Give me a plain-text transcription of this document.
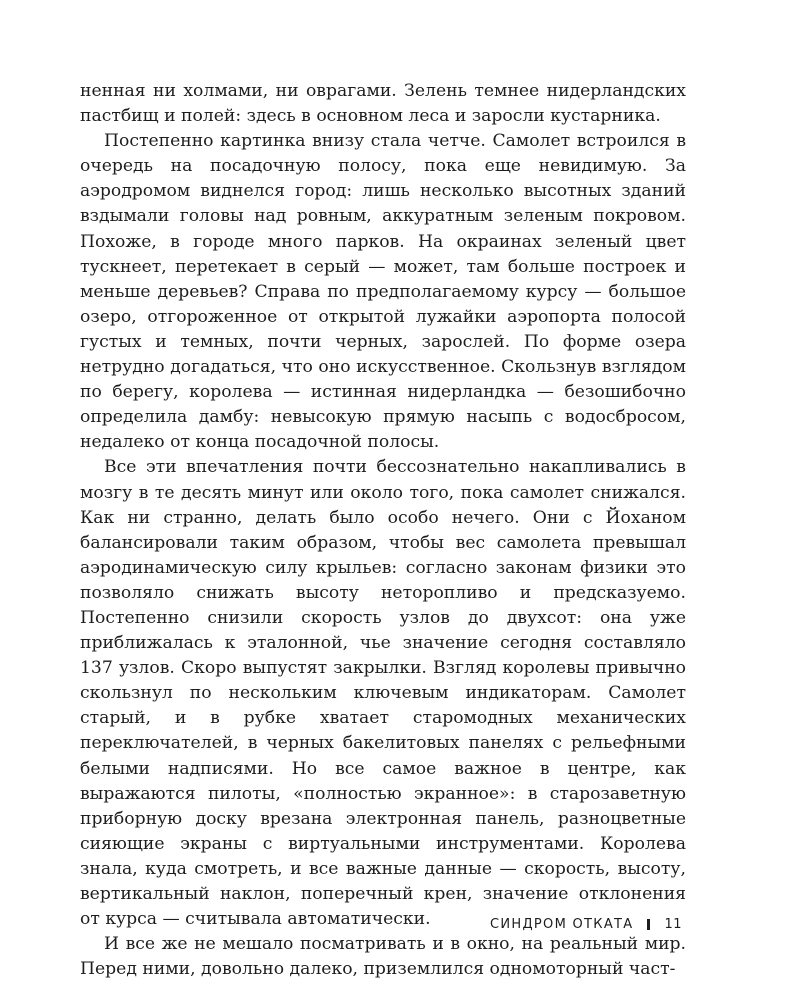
ненная ни холмами, ни оврагами. Зелень темнее нидерландских пастбищ и полей: здесь в основном леса и заросли кустарника.

Постепенно картинка внизу стала четче. Самолет встроился в очередь на посадочную полосу, пока еще невидимую. За аэродромом виднелся город: лишь несколько высотных зданий вздымали головы над ровным, аккуратным зеленым покровом. Похоже, в городе много парков. На окраинах зеленый цвет тускнеет, перетекает в серый — может, там больше построек и меньше деревьев? Справа по предполагаемому курсу — большое озеро, отгороженное от открытой лужайки аэропорта полосой густых и темных, почти черных, зарослей. По форме озера нетрудно догадаться, что оно искусственное. Скользнув взглядом по берегу, королева — истинная нидерландка — безошибочно определила дамбу: невысокую прямую насыпь с водосбросом, недалеко от конца посадочной полосы.

Все эти впечатления почти бессознательно накапливались в мозгу в те десять минут или около того, пока самолет снижался. Как ни странно, делать было особо нечего. Они с Йоханом балансировали таким образом, чтобы вес самолета превышал аэродинамическую силу крыльев: согласно законам физики это позволяло снижать высоту неторопливо и предсказуемо. Постепенно снизили скорость узлов до двухсот: она уже приближалась к эталонной, чье значение сегодня составляло 137 узлов. Скоро выпустят закрылки. Взгляд королевы привычно скользнул по нескольким ключевым индикаторам. Самолет старый, и в рубке хватает старомодных механических переключателей, в черных бакелитовых панелях с рельефными белыми надписями. Но все самое важное в центре, как выражаются пилоты, «полностью экранное»: в старозаветную приборную доску врезана электронная панель, разноцветные сияющие экраны с виртуальными инструментами. Королева знала, куда смотреть, и все важные данные — скорость, высоту, вертикальный наклон, поперечный крен, значение отклонения от курса — считывала автоматически.

И все же не мешало посматривать и в окно, на реальный мир. Перед ними, довольно далеко, приземлился одномоторный част-

СИНДРОМ ОТКАТА 11
